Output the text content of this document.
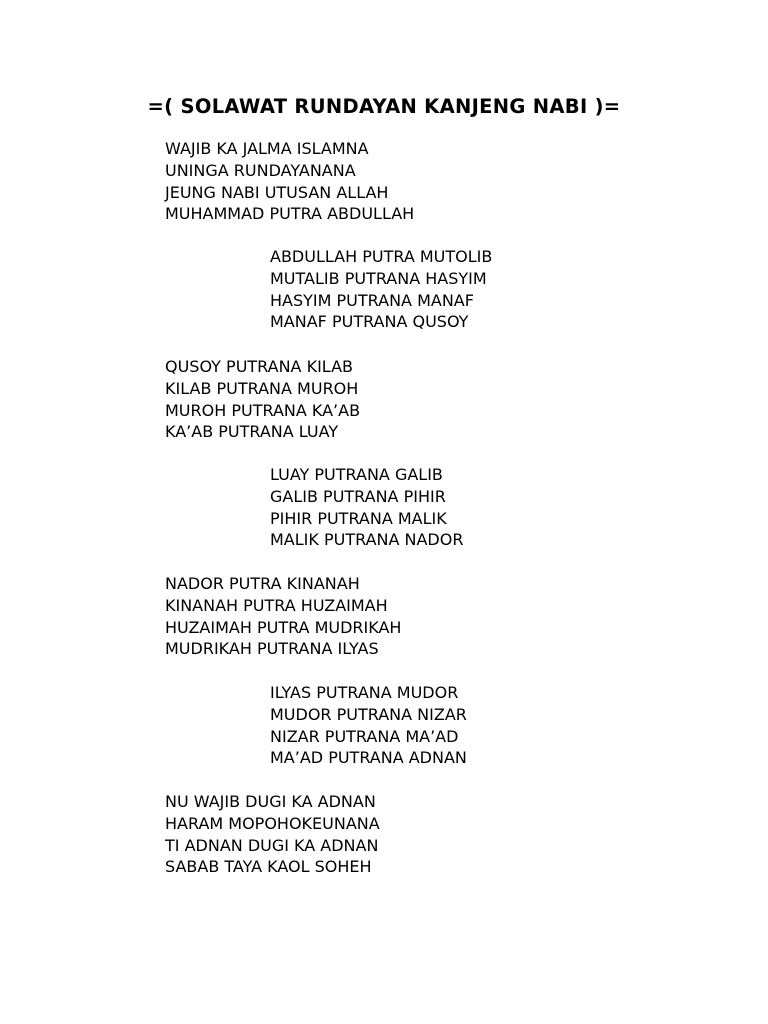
=( SOLAWAT RUNDAYAN KANJENG NABI )=
WAJIB KA JALMA ISLAMNA
UNINGA RUNDAYANANA
JEUNG NABI UTUSAN ALLAH
MUHAMMAD PUTRA ABDULLAH
ABDULLAH PUTRA MUTOLIB
MUTALIB PUTRANA HASYIM
HASYIM PUTRANA MANAF
MANAF PUTRANA QUSOY
QUSOY PUTRANA KILAB
KILAB PUTRANA MUROH
MUROH PUTRANA KA’AB
KA’AB PUTRANA LUAY
LUAY PUTRANA GALIB
GALIB PUTRANA PIHIR
PIHIR PUTRANA MALIK
MALIK PUTRANA NADOR
NADOR PUTRA KINANAH
KINANAH PUTRA HUZAIMAH
HUZAIMAH PUTRA MUDRIKAH
MUDRIKAH PUTRANA ILYAS
ILYAS PUTRANA MUDOR
MUDOR PUTRANA NIZAR
NIZAR PUTRANA MA’AD
MA’AD PUTRANA ADNAN
NU WAJIB DUGI KA ADNAN
HARAM MOPOHOKEUNANA
TI ADNAN DUGI KA ADNAN
SABAB TAYA KAOL SOHEH
